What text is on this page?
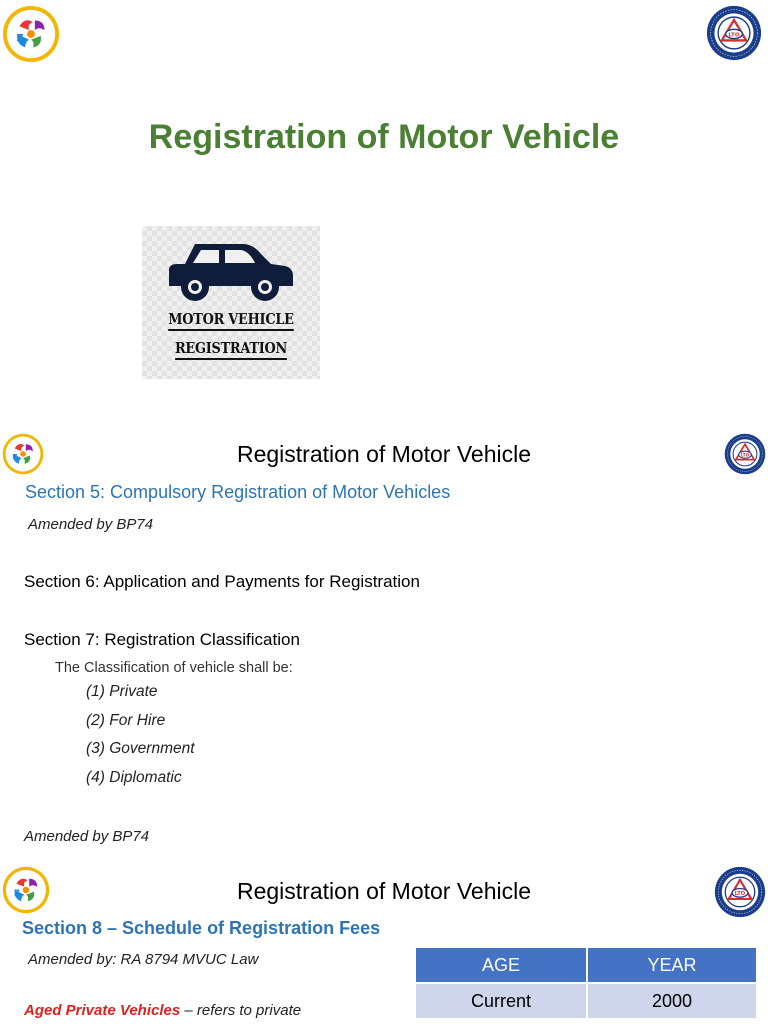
Registration of Motor Vehicle
MOTOR VEHICLE
REGISTRATION
Registration of Motor Vehicle
Section 5: Compulsory Registration of Motor Vehicles
Amended by BP74
Section 6: Application and Payments for Registration
Section 7: Registration Classification
The Classification of vehicle shall be:
(1) Private
(2) For Hire
(3) Government
(4) Diplomatic
Amended by BP74
Registration of Motor Vehicle
Section 8 – Schedule of Registration Fees
Amended by: RA 8794 MVUC Law
Aged Private Vehicles – refers to private
AGE	YEAR
Current	2000
